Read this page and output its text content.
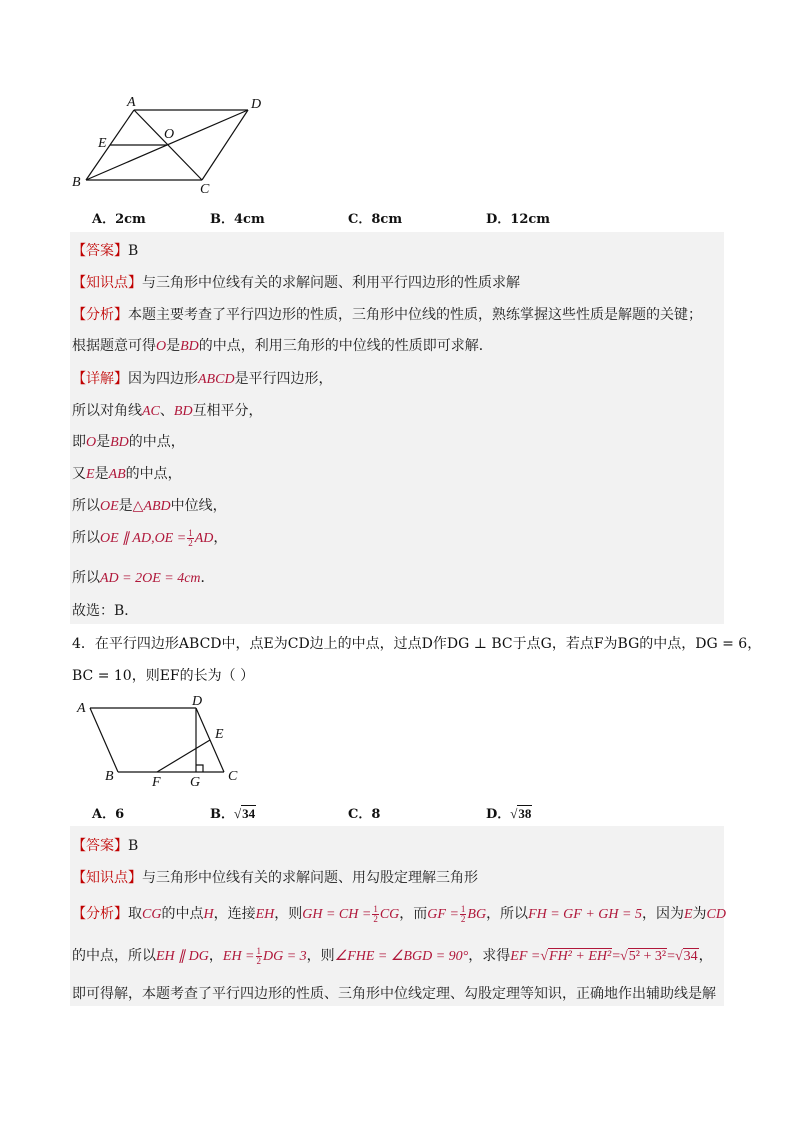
A	D
E
O
B	C
A．2cm	B．4cm	C．8cm	D．12cm
【答案】B
【知识点】与三角形中位线有关的求解问题、利用平行四边形的性质求解
【分析】本题主要考查了平行四边形的性质，三角形中位线的性质，熟练掌握这些性质是解题的关键；
根据题意可得O是BD的中点，利用三角形的中位线的性质即可求解．
【详解】因为四边形ABCD是平行四边形，
所以对角线AC、BD互相平分，
即O是BD的中点，
又E是AB的中点，
所以OE是△ABD中位线，
所以OE ∥ $AD,OE = \frac{1}{2}$ AD，
所以AD = 2OE = 4cm．
故选：B．
4．在平行四边形ABCD中，点E为CD边上的中点，过点D作DG ⊥ BC于点G，若点F为BG的中点，DG = 6，
BC = 10，则EF的长为（ ）
A	D
E
B	F G C
A．6	B．√34	C．8	D．√38
【答案】B
【知识点】与三角形中位线有关的求解问题、用勾股定理解三角形
【分析】取CG的中点H，连接EH，则GH = CH = $\frac{1}{2}$ CG，而GF = $\frac{1}{2}$ BG，所以FH = GF + GH = 5，因为E为CD
的中点，所以EH ∥ DG，EH = $\frac{1}{2}$ DG = 3，则∠FHE = ∠BGD = 90°，求得EF =√FH² + EH²=√5² + 3²=√34，
即可得解，本题考查了平行四边形的性质、三角形中位线定理、勾股定理等知识，正确地作出辅助线是解
